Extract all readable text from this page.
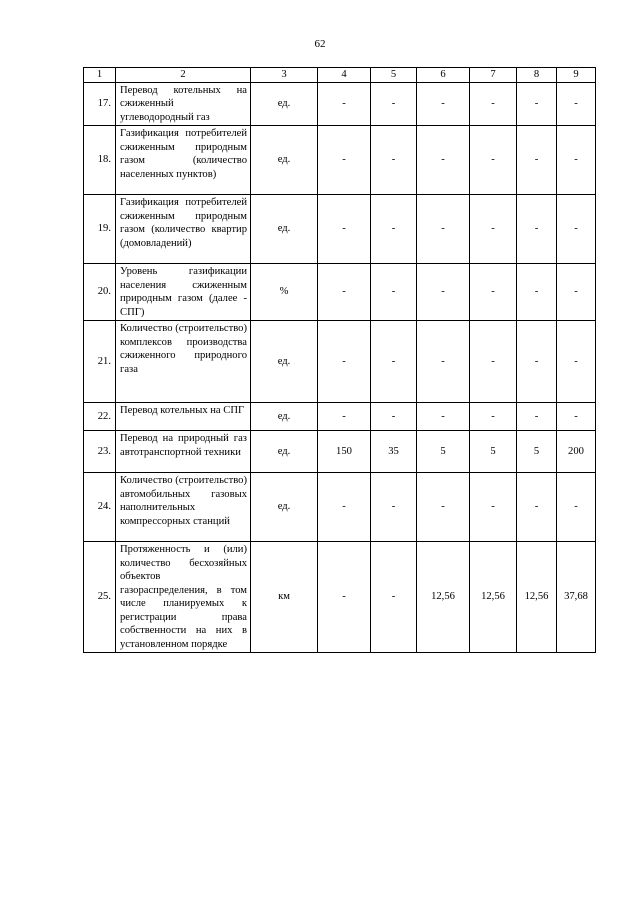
62
1	2	3	4	5	6	7	8	9
17.	Перевод котельных на сжиженный углеводородный газ	ед.	-	-	-	-	-	-
18.	Газификация потребителей сжиженным природным газом (количество населенных пунктов)	ед.	-	-	-	-	-	-
19.	Газификация потребителей сжиженным природным газом (количество квартир (домовладений)	ед.	-	-	-	-	-	-
20.	Уровень газификации населения сжиженным природным газом (далее - СПГ)	%	-	-	-	-	-	-
21.	Количество (строительство) комплексов производства сжиженного природного газа	ед.	-	-	-	-	-	-
22.	Перевод котельных на СПГ	ед.	-	-	-	-	-	-
23.	Перевод на природный газ автотранспортной техники	ед.	150	35	5	5	5	200
24.	Количество (строительство) автомобильных газовых наполнительных компрессорных станций	ед.	-	-	-	-	-	-
25.	Протяженность и (или) количество бесхозяйных объектов газораспределения, в том числе планируемых к регистрации права собственности на них в установленном порядке	км	-	-	12,56	12,56	12,56	37,68
